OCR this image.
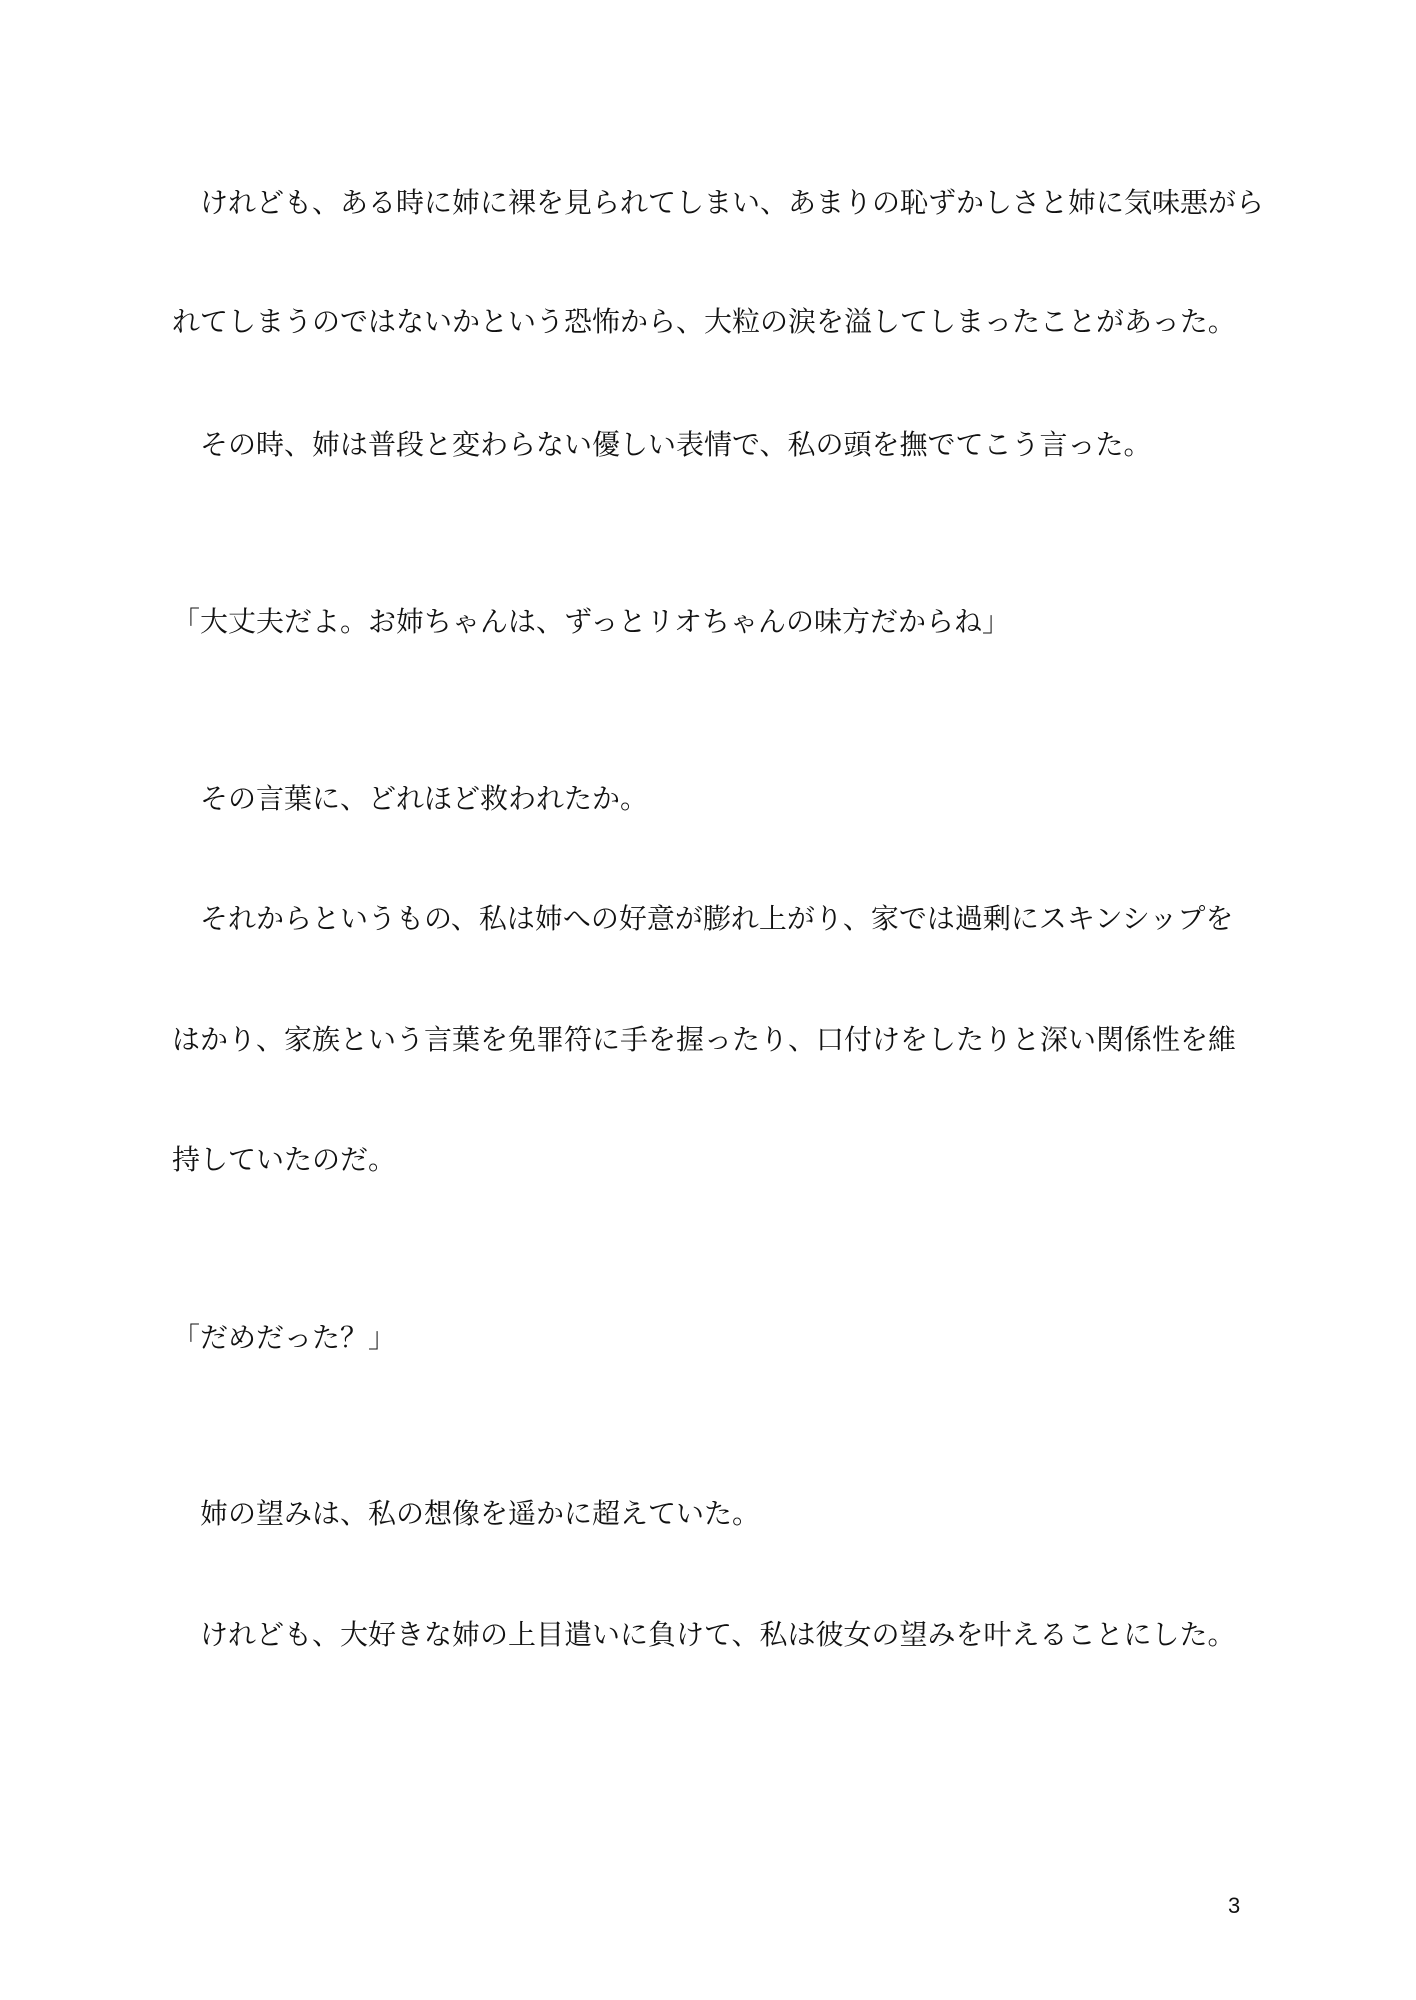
　けれども、ある時に姉に裸を見られてしまい、あまりの恥ずかしさと姉に気味悪がら
れてしまうのではないかという恐怖から、大粒の涙を溢してしまったことがあった。
　その時、姉は普段と変わらない優しい表情で、私の頭を撫でてこう言った。
「大丈夫だよ。お姉ちゃんは、ずっとリオちゃんの味方だからね」
　その言葉に、どれほど救われたか。
　それからというもの、私は姉への好意が膨れ上がり、家では過剰にスキンシップを
はかり、家族という言葉を免罪符に手を握ったり、口付けをしたりと深い関係性を維
持していたのだ。
「だめだった？」
　姉の望みは、私の想像を遥かに超えていた。
　けれども、大好きな姉の上目遣いに負けて、私は彼女の望みを叶えることにした。
3
